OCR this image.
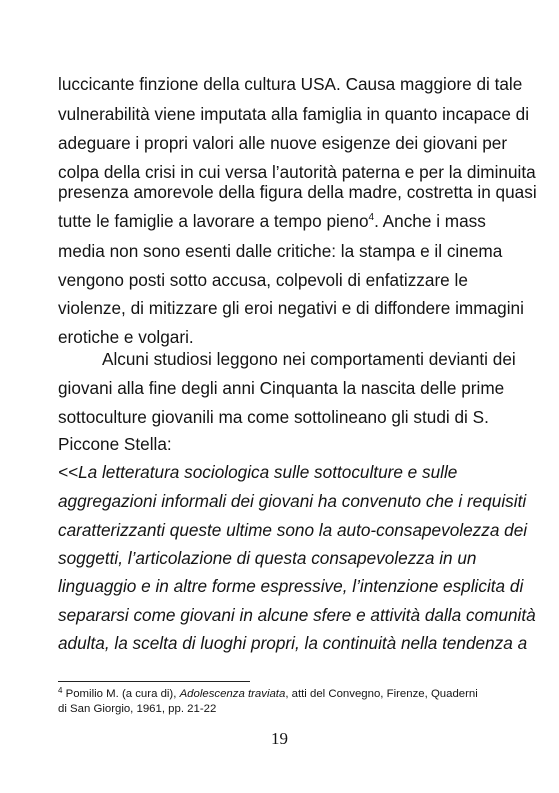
luccicante finzione della cultura USA. Causa maggiore di tale
vulnerabilità viene imputata alla famiglia in quanto incapace di
adeguare i propri valori alle nuove esigenze dei giovani per
colpa della crisi in cui versa l’autorità paterna e per la diminuita
presenza amorevole della figura della madre, costretta in quasi
tutte le famiglie a lavorare a tempo pieno$^4$. Anche i mass
media non sono esenti dalle critiche: la stampa e il cinema
vengono posti sotto accusa, colpevoli di enfatizzare le
violenze, di mitizzare gli eroi negativi e di diffondere immagini
erotiche e volgari.
Alcuni studiosi leggono nei comportamenti devianti dei
giovani alla fine degli anni Cinquanta la nascita delle prime
sottoculture giovanili ma come sottolineano gli studi di S.
Piccone Stella:
<<La letteratura sociologica sulle sottoculture e sulle
aggregazioni informali dei giovani ha convenuto che i requisiti
caratterizzanti queste ultime sono la auto-consapevolezza dei
soggetti, l’articolazione di questa consapevolezza in un
linguaggio e in altre forme espressive, l’intenzione esplicita di
separarsi come giovani in alcune sfere e attività dalla comunità
adulta, la scelta di luoghi propri, la continuità nella tendenza a
$^4$ Pomilio M. (a cura di), Adolescenza traviata, atti del Convegno, Firenze, Quaderni
di San Giorgio, 1961, pp. 21-22
19
